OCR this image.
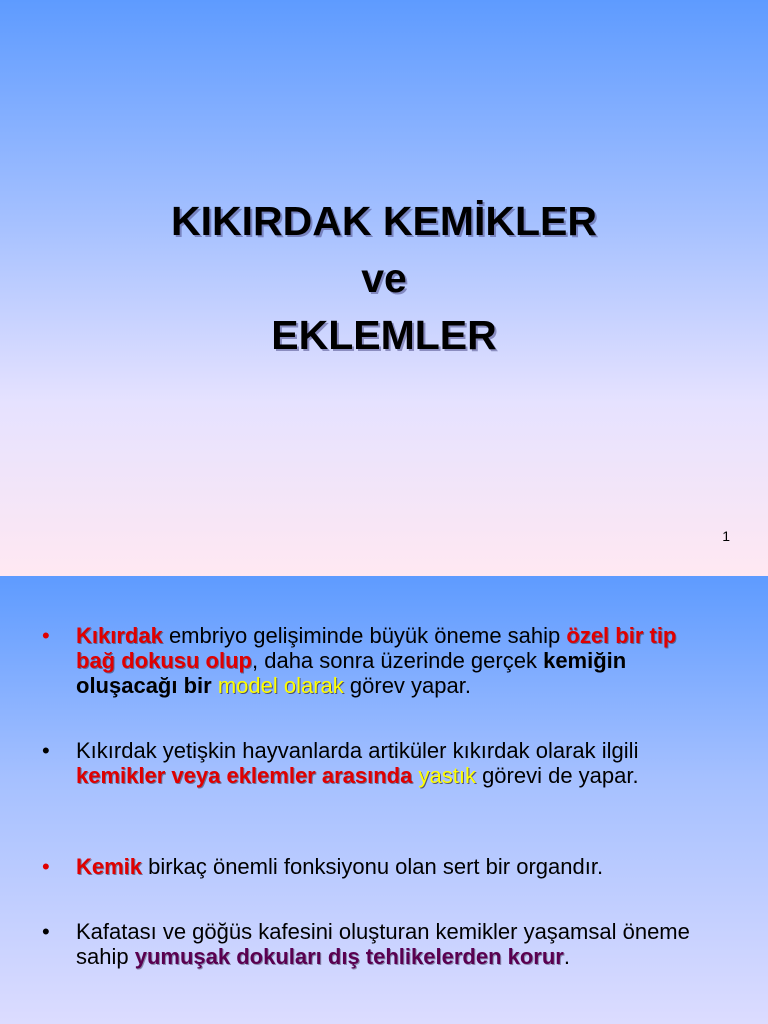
KIKIRDAK KEMİKLER
ve
EKLEMLER
1
•	Kıkırdak embriyo gelişiminde büyük öneme sahip özel bir tip bağ dokusu olup, daha sonra üzerinde gerçek kemiğin oluşacağı bir model olarak görev yapar.
•	Kıkırdak yetişkin hayvanlarda artiküler kıkırdak olarak ilgili kemikler veya eklemler arasında yastık görevi de yapar.
•	Kemik birkaç önemli fonksiyonu olan sert bir organdır.
•	Kafatası ve göğüs kafesini oluşturan kemikler yaşamsal öneme sahip yumuşak dokuları dış tehlikelerden korur.
